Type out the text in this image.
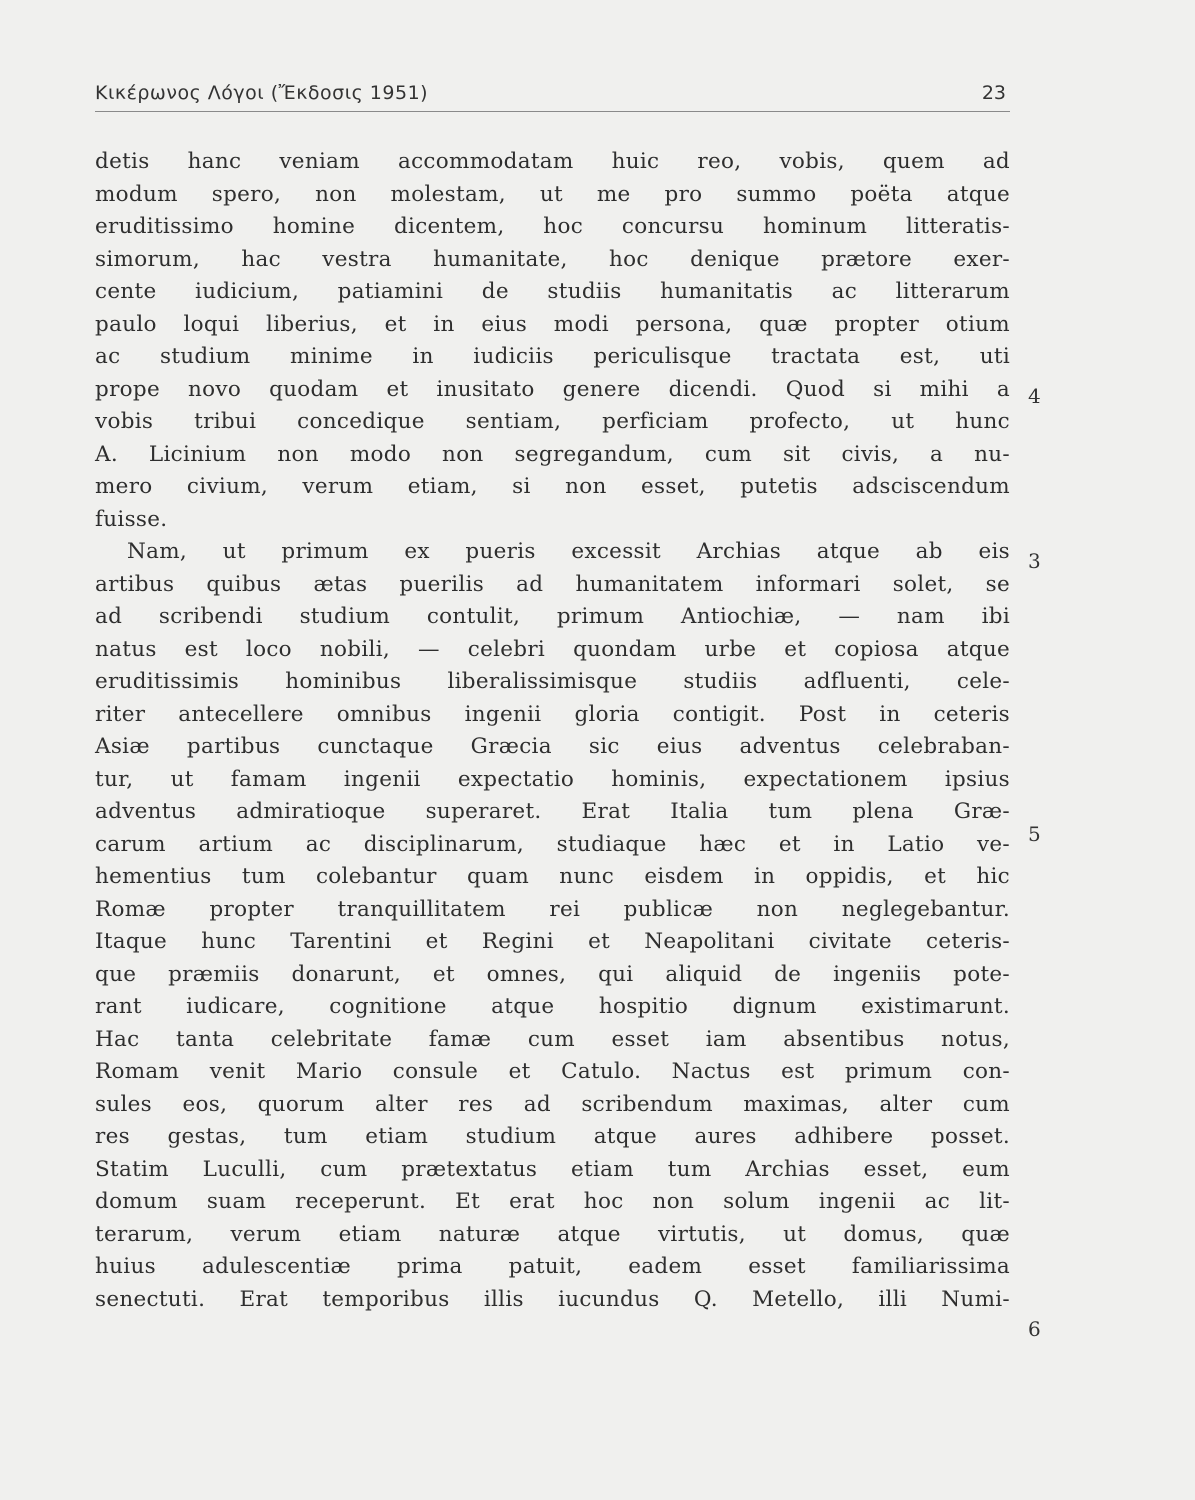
Κικέρωνος Λόγοι (Ἔκδοσις 1951)	23
detis hanc veniam accommodatam huic reo, vobis, quem ad
modum spero, non molestam, ut me pro summo poëta atque
eruditissimo homine dicentem, hoc concursu hominum litteratis-
simorum, hac vestra humanitate, hoc denique prætore exer-
cente iudicium, patiamini de studiis humanitatis ac litterarum
paulo loqui liberius, et in eius modi persona, quæ propter otium
ac studium minime in iudiciis periculisque tractata est, uti
prope novo quodam et inusitato genere dicendi. Quod si mihi a
vobis tribui concedique sentiam, perficiam profecto, ut hunc
A. Licinium non modo non segregandum, cum sit civis, a nu-
mero civium, verum etiam, si non esset, putetis adsciscendum
fuisse.
Nam, ut primum ex pueris excessit Archias atque ab eis
artibus quibus ætas puerilis ad humanitatem informari solet, se
ad scribendi studium contulit, primum Antiochiæ, — nam ibi
natus est loco nobili, — celebri quondam urbe et copiosa atque
eruditissimis hominibus liberalissimisque studiis adfluenti, cele-
riter antecellere omnibus ingenii gloria contigit. Post in ceteris
Asiæ partibus cunctaque Græcia sic eius adventus celebraban-
tur, ut famam ingenii expectatio hominis, expectationem ipsius
adventus admiratioque superaret. Erat Italia tum plena Græ-
carum artium ac disciplinarum, studiaque hæc et in Latio ve-
hementius tum colebantur quam nunc eisdem in oppidis, et hic
Romæ propter tranquillitatem rei publicæ non neglegebantur.
Itaque hunc Tarentini et Regini et Neapolitani civitate ceteris-
que præmiis donarunt, et omnes, qui aliquid de ingeniis pote-
rant iudicare, cognitione atque hospitio dignum existimarunt.
Hac tanta celebritate famæ cum esset iam absentibus notus,
Romam venit Mario consule et Catulo. Nactus est primum con-
sules eos, quorum alter res ad scribendum maximas, alter cum
res gestas, tum etiam studium atque aures adhibere posset.
Statim Luculli, cum prætextatus etiam tum Archias esset, eum
domum suam receperunt. Et erat hoc non solum ingenii ac lit-
terarum, verum etiam naturæ atque virtutis, ut domus, quæ
huius adulescentiæ prima patuit, eadem esset familiarissima
senectuti. Erat temporibus illis iucundus Q. Metello, illi Numi-
4
3
5
6
